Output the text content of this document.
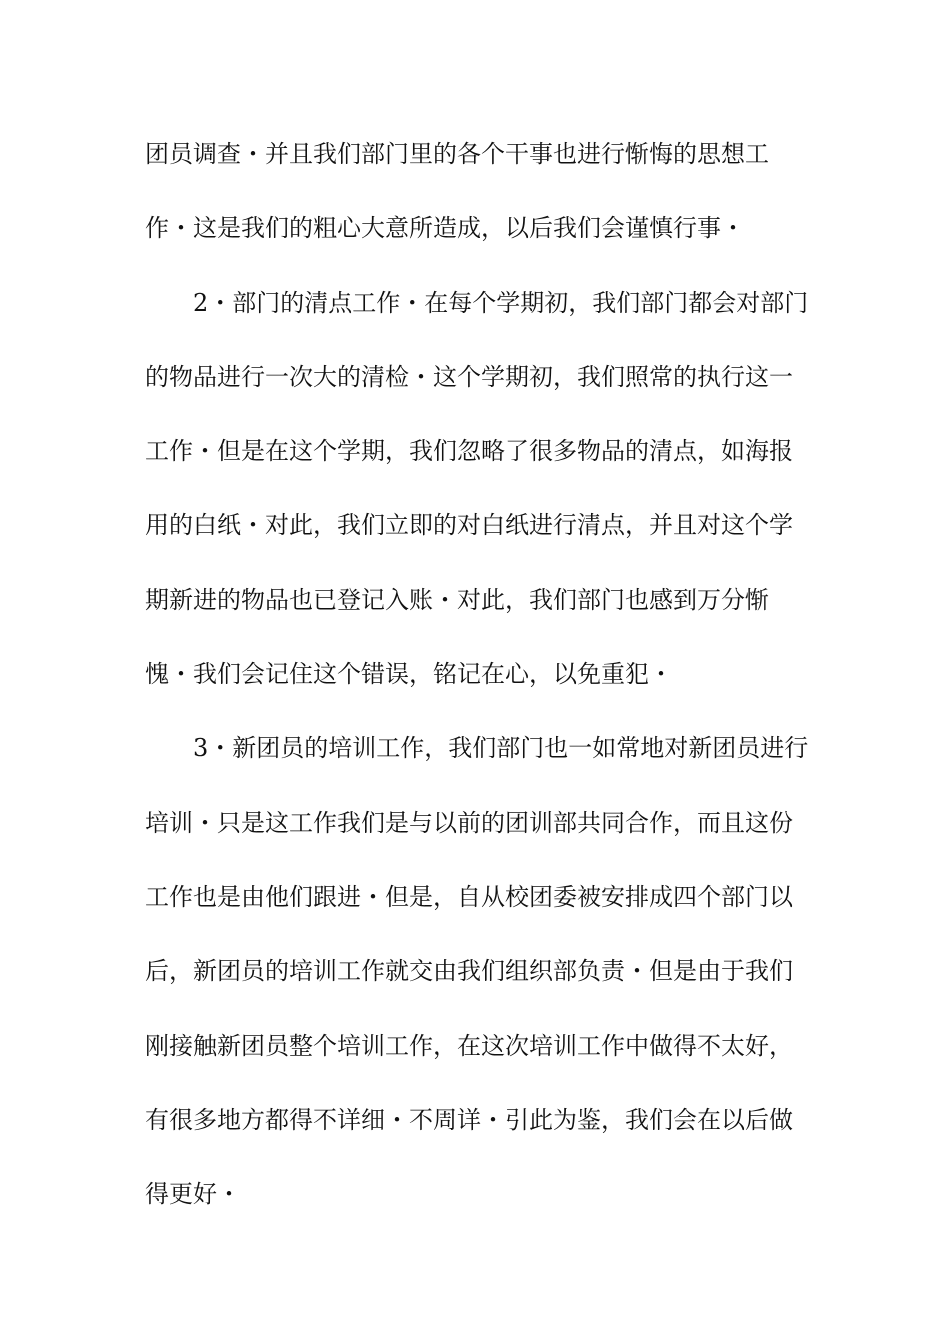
团员调查・并且我们部门里的各个干事也进行惭悔的思想工
作・这是我们的粗心大意所造成，以后我们会谨慎行事・
2・部门的清点工作・在每个学期初，我们部门都会对部门
的物品进行一次大的清检・这个学期初，我们照常的执行这一
工作・但是在这个学期，我们忽略了很多物品的清点，如海报
用的白纸・对此，我们立即的对白纸进行清点，并且对这个学
期新进的物品也已登记入账・对此，我们部门也感到万分惭
愧・我们会记住这个错误，铭记在心，以免重犯・
3・新团员的培训工作，我们部门也一如常地对新团员进行
培训・只是这工作我们是与以前的团训部共同合作，而且这份
工作也是由他们跟进・但是，自从校团委被安排成四个部门以
后，新团员的培训工作就交由我们组织部负责・但是由于我们
刚接触新团员整个培训工作，在这次培训工作中做得不太好，
有很多地方都得不详细・不周详・引此为鉴，我们会在以后做
得更好・
